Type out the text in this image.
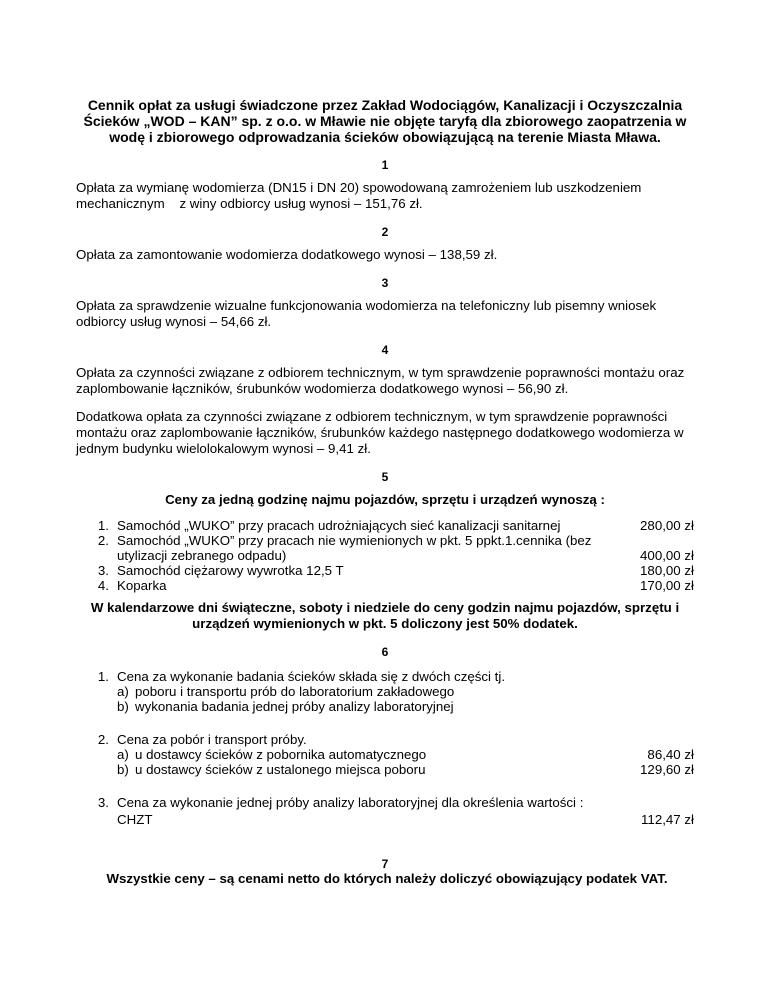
Cennik opłat za usługi świadczone przez Zakład Wodociągów, Kanalizacji i Oczyszczalnia Ścieków „WOD – KAN” sp. z o.o. w Mławie nie objęte taryfą dla zbiorowego zaopatrzenia w wodę i zbiorowego odprowadzania ścieków obowiązującą na terenie Miasta Mława.

1

Opłata za wymianę wodomierza (DN15 i DN 20) spowodowaną zamrożeniem lub uszkodzeniem mechanicznym    z winy odbiorcy usług wynosi – 151,76 zł.

2

Opłata za zamontowanie wodomierza dodatkowego wynosi – 138,59 zł.

3

Opłata za sprawdzenie wizualne funkcjonowania wodomierza na telefoniczny lub pisemny wniosek odbiorcy usług wynosi – 54,66 zł.

4

Opłata za czynności związane z odbiorem technicznym, w tym sprawdzenie poprawności montażu oraz zaplombowanie łączników, śrubunków wodomierza dodatkowego wynosi – 56,90 zł.

Dodatkowa opłata za czynności związane z odbiorem technicznym, w tym sprawdzenie poprawności montażu oraz zaplombowanie łączników, śrubunków każdego następnego dodatkowego wodomierza w jednym budynku wielolokalowym wynosi – 9,41 zł.

5
Ceny za jedną godzinę najmu pojazdów, sprzętu i urządzeń wynoszą :
1. Samochód „WUKO” przy pracach udrożniających sieć kanalizacji sanitarnej	280,00 zł
2. Samochód „WUKO” przy pracach nie wymienionych w pkt. 5 ppkt.1.cennika (bez utylizacji zebranego odpadu)	400,00 zł
3. Samochód ciężarowy wywrotka 12,5 T	180,00 zł
4. Koparka	170,00 zł
W kalendarzowe dni świąteczne, soboty i niedziele do ceny godzin najmu pojazdów, sprzętu i urządzeń wymienionych w pkt. 5 doliczony jest 50% dodatek.
6
1. Cena za wykonanie badania ścieków składa się z dwóch części tj.
a) poboru i transportu prób do laboratorium zakładowego
b) wykonania badania jednej próby analizy laboratoryjnej
2. Cena za pobór i transport próby.
a) u dostawcy ścieków z pobornika automatycznego	86,40 zł
b) u dostawcy ścieków z ustalonego miejsca poboru	129,60 zł
3. Cena za wykonanie jednej próby analizy laboratoryjnej dla określenia wartości :
CHZT	112,47 zł
7
Wszystkie ceny – są cenami netto do których należy doliczyć obowiązujący podatek VAT.
